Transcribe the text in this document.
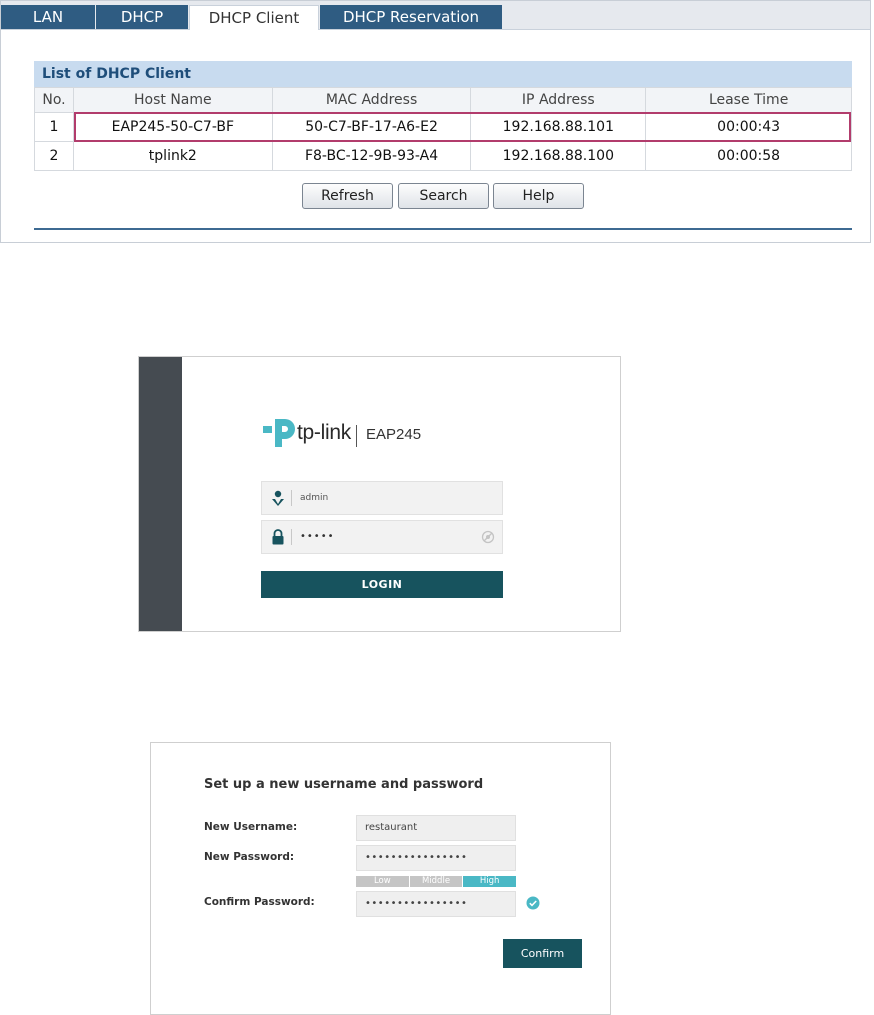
LAN	DHCP	DHCP Client	DHCP Reservation
List of DHCP Client
No.	Host Name	MAC Address	IP Address	Lease Time
1	EAP245-50-C7-BF	50-C7-BF-17-A6-E2	192.168.88.101	00:00:43
2	tplink2	F8-BC-12-9B-93-A4	192.168.88.100	00:00:58
Refresh	Search	Help
tp-link EAP245
admin
•••••
LOGIN
Set up a new username and password
New Username:	restaurant
New Password:	••••••••••••••••
Low	Middle	High
Confirm Password:	••••••••••••••••
Confirm
